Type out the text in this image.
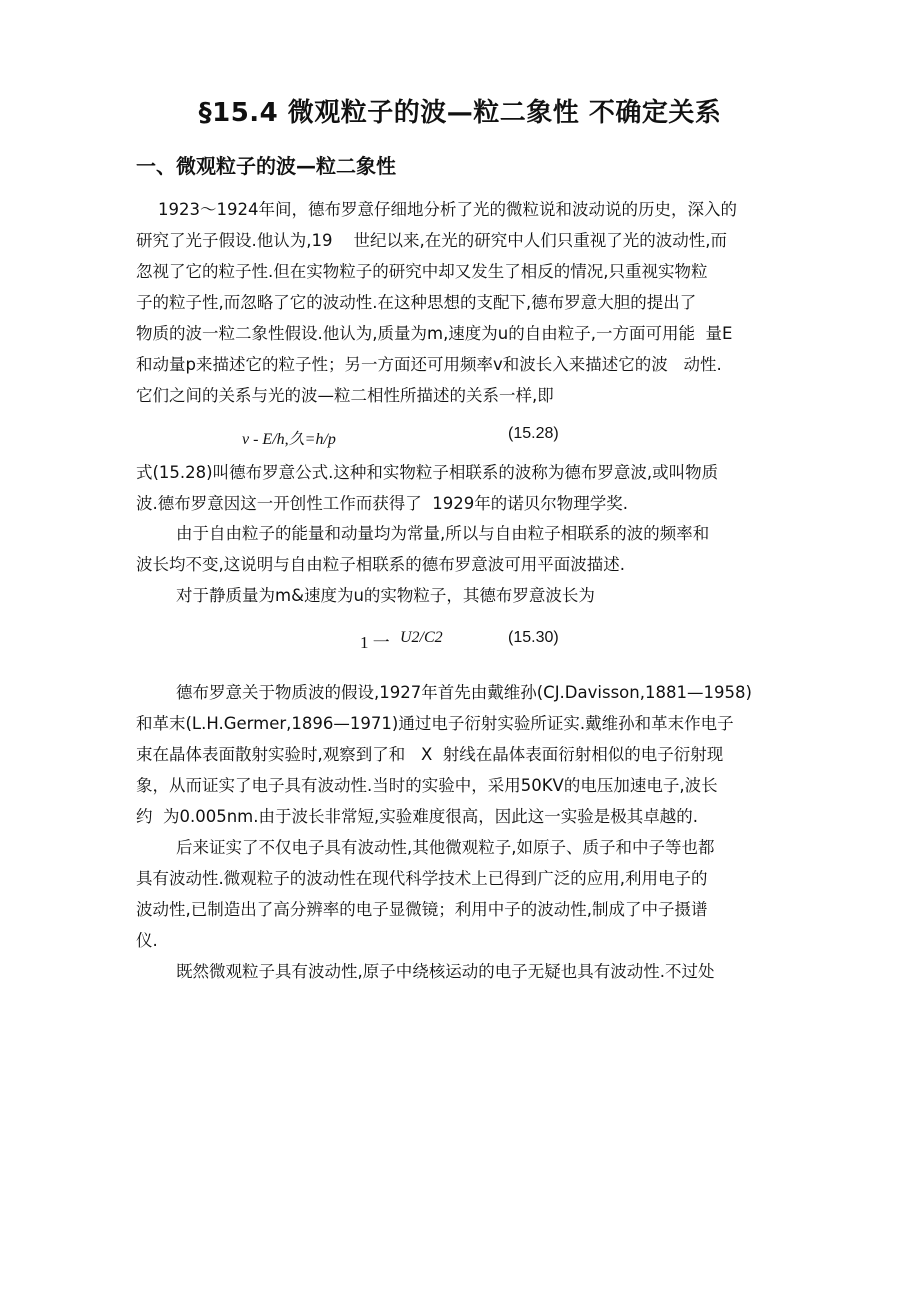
§15.4 微观粒子的波—粒二象性 不确定关系
一、微观粒子的波—粒二象性

1923～1924年间，德布罗意仔细地分析了光的微粒说和波动说的历史，深入的

研究了光子假设.他认为,19    世纪以来,在光的研究中人们只重视了光的波动性,而

忽视了它的粒子性.但在实物粒子的研究中却又发生了相反的情况,只重视实物粒

子的粒子性,而忽略了它的波动性.在这种思想的支配下,德布罗意大胆的提出了

物质的波一粒二象性假设.他认为,质量为m,速度为u的自由粒子,一方面可用能  量E

和动量p来描述它的粒子性；另一方面还可用频率v和波长入来描述它的波   动性.

它们之间的关系与光的波—粒二相性所描述的关系一样,即

v - E/h,久=h/p	(15.28)

式(15.28)叫德布罗意公式.这种和实物粒子相联系的波称为德布罗意波,或叫物质

波.德布罗意因这一开创性工作而获得了  1929年的诺贝尔物理学奖.

由于自由粒子的能量和动量均为常量,所以与自由粒子相联系的波的频率和

波长均不变,这说明与自由粒子相联系的德布罗意波可用平面波描述.

对于静质量为m&速度为u的实物粒子，其德布罗意波长为

1 一 U2/C2	(15.30)

德布罗意关于物质波的假设,1927年首先由戴维孙(CJ.Davisson,1881—1958)

和革末(L.H.Germer,1896—1971)通过电子衍射实验所证实.戴维孙和革末作电子

束在晶体表面散射实验时,观察到了和   X  射线在晶体表面衍射相似的电子衍射现

象，从而证实了电子具有波动性.当时的实验中，采用50KV的电压加速电子,波长

约  为0.005nm.由于波长非常短,实验难度很高，因此这一实验是极其卓越的.

后来证实了不仅电子具有波动性,其他微观粒子,如原子、质子和中子等也都

具有波动性.微观粒子的波动性在现代科学技术上已得到广泛的应用,利用电子的

波动性,已制造出了高分辨率的电子显微镜；利用中子的波动性,制成了中子摄谱

仪.

既然微观粒子具有波动性,原子中绕核运动的电子无疑也具有波动性.不过处
